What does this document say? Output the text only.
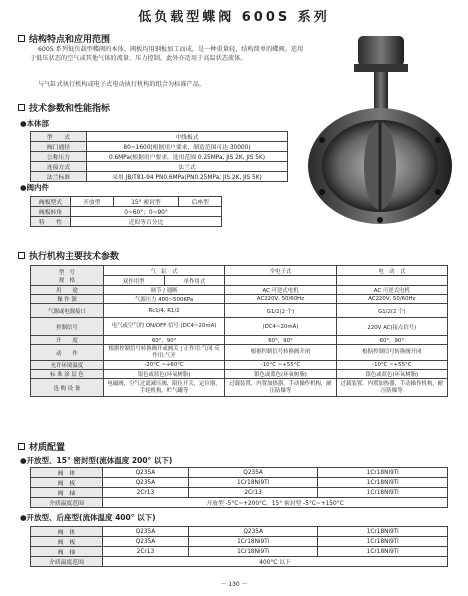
低负载型蝶阀 600S 系列
结构特点和应用范围
600S 系列低负载型蝶阀的本体、阀板均用钢板加工而成，是一种重量轻、结构简单的蝶阀。适用于低压状态的空气或其他气体的流量、压力控制，此外亦适用于高温状态流体。
与气缸式执行机构或电子式电动执行机构的组合为标准产品。
技术参数和性能指标
●本体部
型　　式	中线板式
阀门通径	80~1600(根据用户要求，制造范围可达 30000)
公称压力	0.6MPa(根据用户要求，选用范围 0.25MPa, JIS 2K, JIS 5K)
连接方式	法兰式
法兰标准	采用 JB/T81-94 PN0.6MPa(PN0.25MPa; JIS 2K, JIS 5K)
●阀内件
阀板型式	开放型	15° 密封型	后座型
阀板转角	0~60°；0~90°		
特　　性	近似等百分比		
执行机构主要技术参数
型　号
规　格	气　缸　式		全电子式	电　动　式
	双作用型	单作用式		
用　　途	调节 / 通断		AC 可逆式电机	AC 可逆式电机
操 作 源	气源压力 400~500KPa		AC220V, 50/60Hz	AC220V, 50/60Hz
气源或电源接口	Rc1/4, R1/2		G1/2(2 个)	G1/2(2 个)
控制信号	电气或空气的 ON/OFF 信号 (DC4~20mA)		(DC4~20mA)	220V AC(接点信号)
开　　度	60°，90°		60°，90°	60°，90°
动　　作	根据控制信号转换阀开或阀关 | 正作用:气闭 反作用:气开		根据控制信号转换阀开闭	根据控制信号转换阀开闭
允许环境温度	-20°C ~+60°C		-10°C ~+55°C	-10°C ~+55°C
标 准 涂 层 色	银色或蓝色(环氧树脂)		银色或蓝色(环氧树脂)	银色或蓝色(环氧树脂)
选 购 设 备	电磁阀，空气过滤减压阀，限位开关，定位器，手轮机构，贮气罐等		过载装置，内置加热器，手动操作机构，耐压防爆等	过载装置，内置加热器，手动操作机构，耐压防爆等
材质配置
●开放型、15° 密封型(流体温度 200° 以下)
阀　体	Q235A	Q235A	1Cr18Ni9Ti
阀　板	Q235A	1Cr18Ni9Ti	1Cr18Ni9Ti
阀　轴	2Cr13	2Cr13	1Cr18Ni9Ti
介质温度范围	开放型 -5°C~+200°C，15° 密封型 -5°C~+150°C		
●开放型、后座型(流体温度 400° 以下)
阀　体	Q235A	Q235A	1Cr18Ni9Ti
阀　板	Q235A	1Cr18Ni9Ti	1Cr18Ni9Ti
阀　轴	2Cr13	1Cr18Ni9Ti	1Cr18Ni9Ti
介质温度范围	400°C 以下		
－ 130 －
